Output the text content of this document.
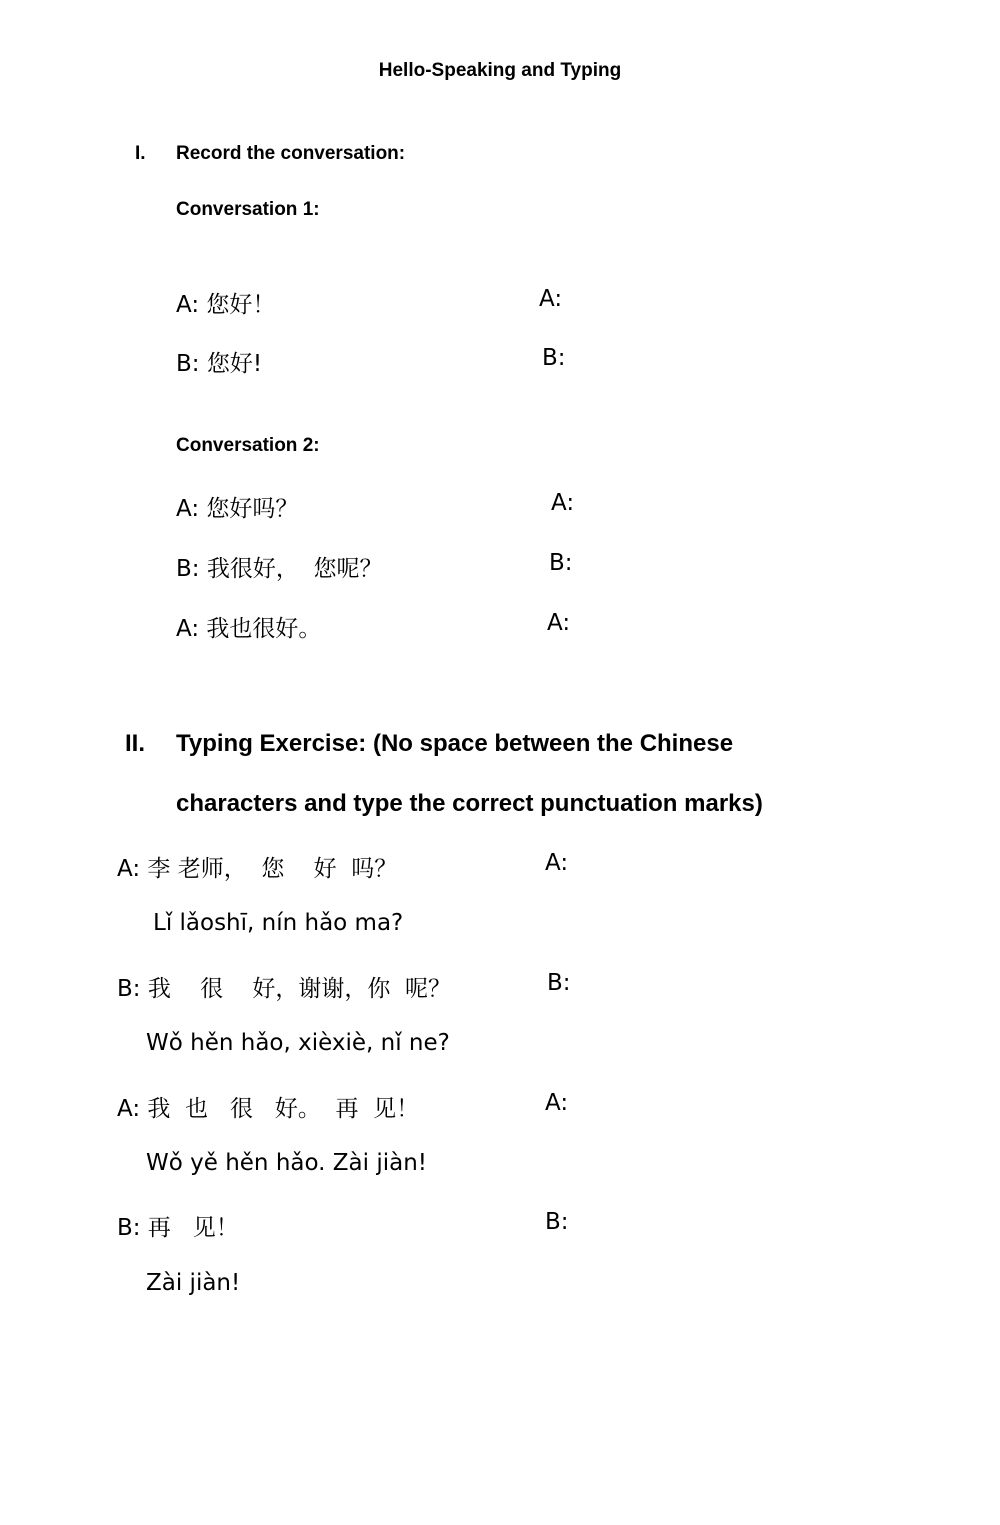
Hello-Speaking and Typing
I. Record the conversation:
Conversation 1:
A: 您好！	A:
B: 您好!	B:
Conversation 2:
A: 您好吗？	A:
B: 我很好，  您呢？	B:
A: 我也很好。	A:
II. Typing Exercise: (No space between the Chinese
characters and type the correct punctuation marks)
A: 李 老师，  您    好  吗？	A:
Lǐ lǎoshī, nín hǎo ma?
B: 我    很    好，谢谢，你  呢？	B:
Wǒ hěn hǎo, xièxiè, nǐ ne?
A: 我  也   很   好。  再  见！	A:
Wǒ yě hěn hǎo. Zài jiàn!
B: 再   见！	B:
Zài jiàn!
